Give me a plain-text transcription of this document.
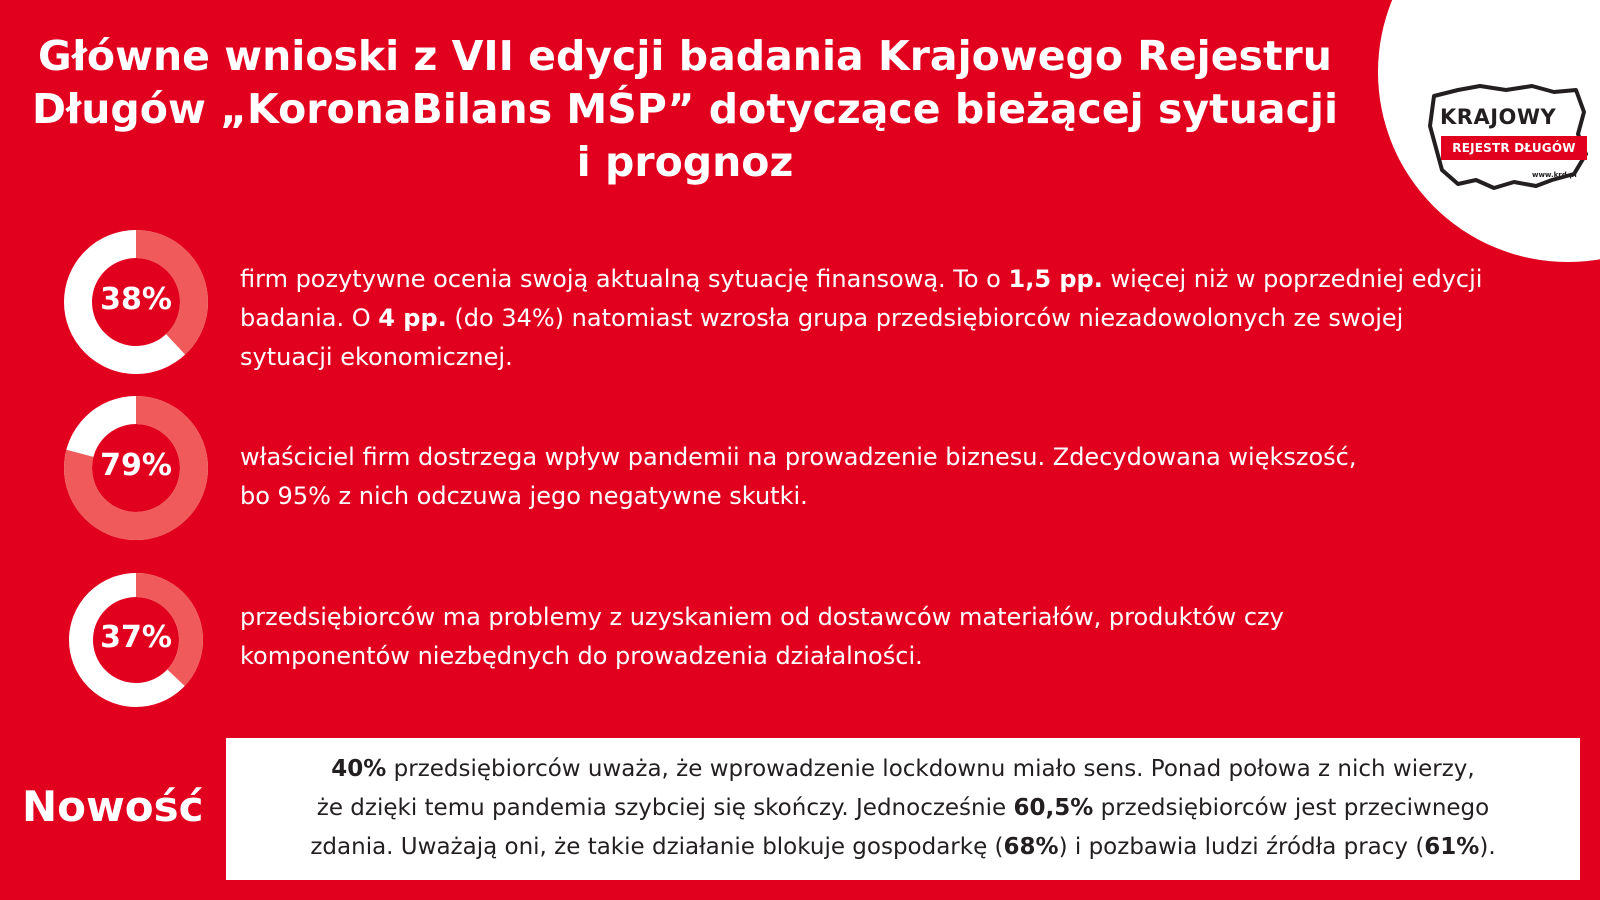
Główne wnioski z VII edycji badania Krajowego Rejestru
Długów „KoronaBilans MŚP” dotyczące bieżącej sytuacji
i prognoz
KRAJOWY
REJESTR DŁUGÓW
www.krd.pl
38%
firm pozytywne ocenia swoją aktualną sytuację finansową. To o 1,5 pp. więcej niż w poprzedniej edycji
badania. O 4 pp. (do 34%) natomiast wzrosła grupa przedsiębiorców niezadowolonych ze swojej
sytuacji ekonomicznej.
79%	właściciel firm dostrzega wpływ pandemii na prowadzenie biznesu. Zdecydowana większość,
bo 95% z nich odczuwa jego negatywne skutki.
37%
przedsiębiorców ma problemy z uzyskaniem od dostawców materiałów, produktów czy
komponentów niezbędnych do prowadzenia działalności.
Nowość
40% przedsiębiorców uważa, że wprowadzenie lockdownu miało sens. Ponad połowa z nich wierzy,
że dzięki temu pandemia szybciej się skończy. Jednocześnie 60,5% przedsiębiorców jest przeciwnego
zdania. Uważają oni, że takie działanie blokuje gospodarkę (68%) i pozbawia ludzi źródła pracy (61%).
